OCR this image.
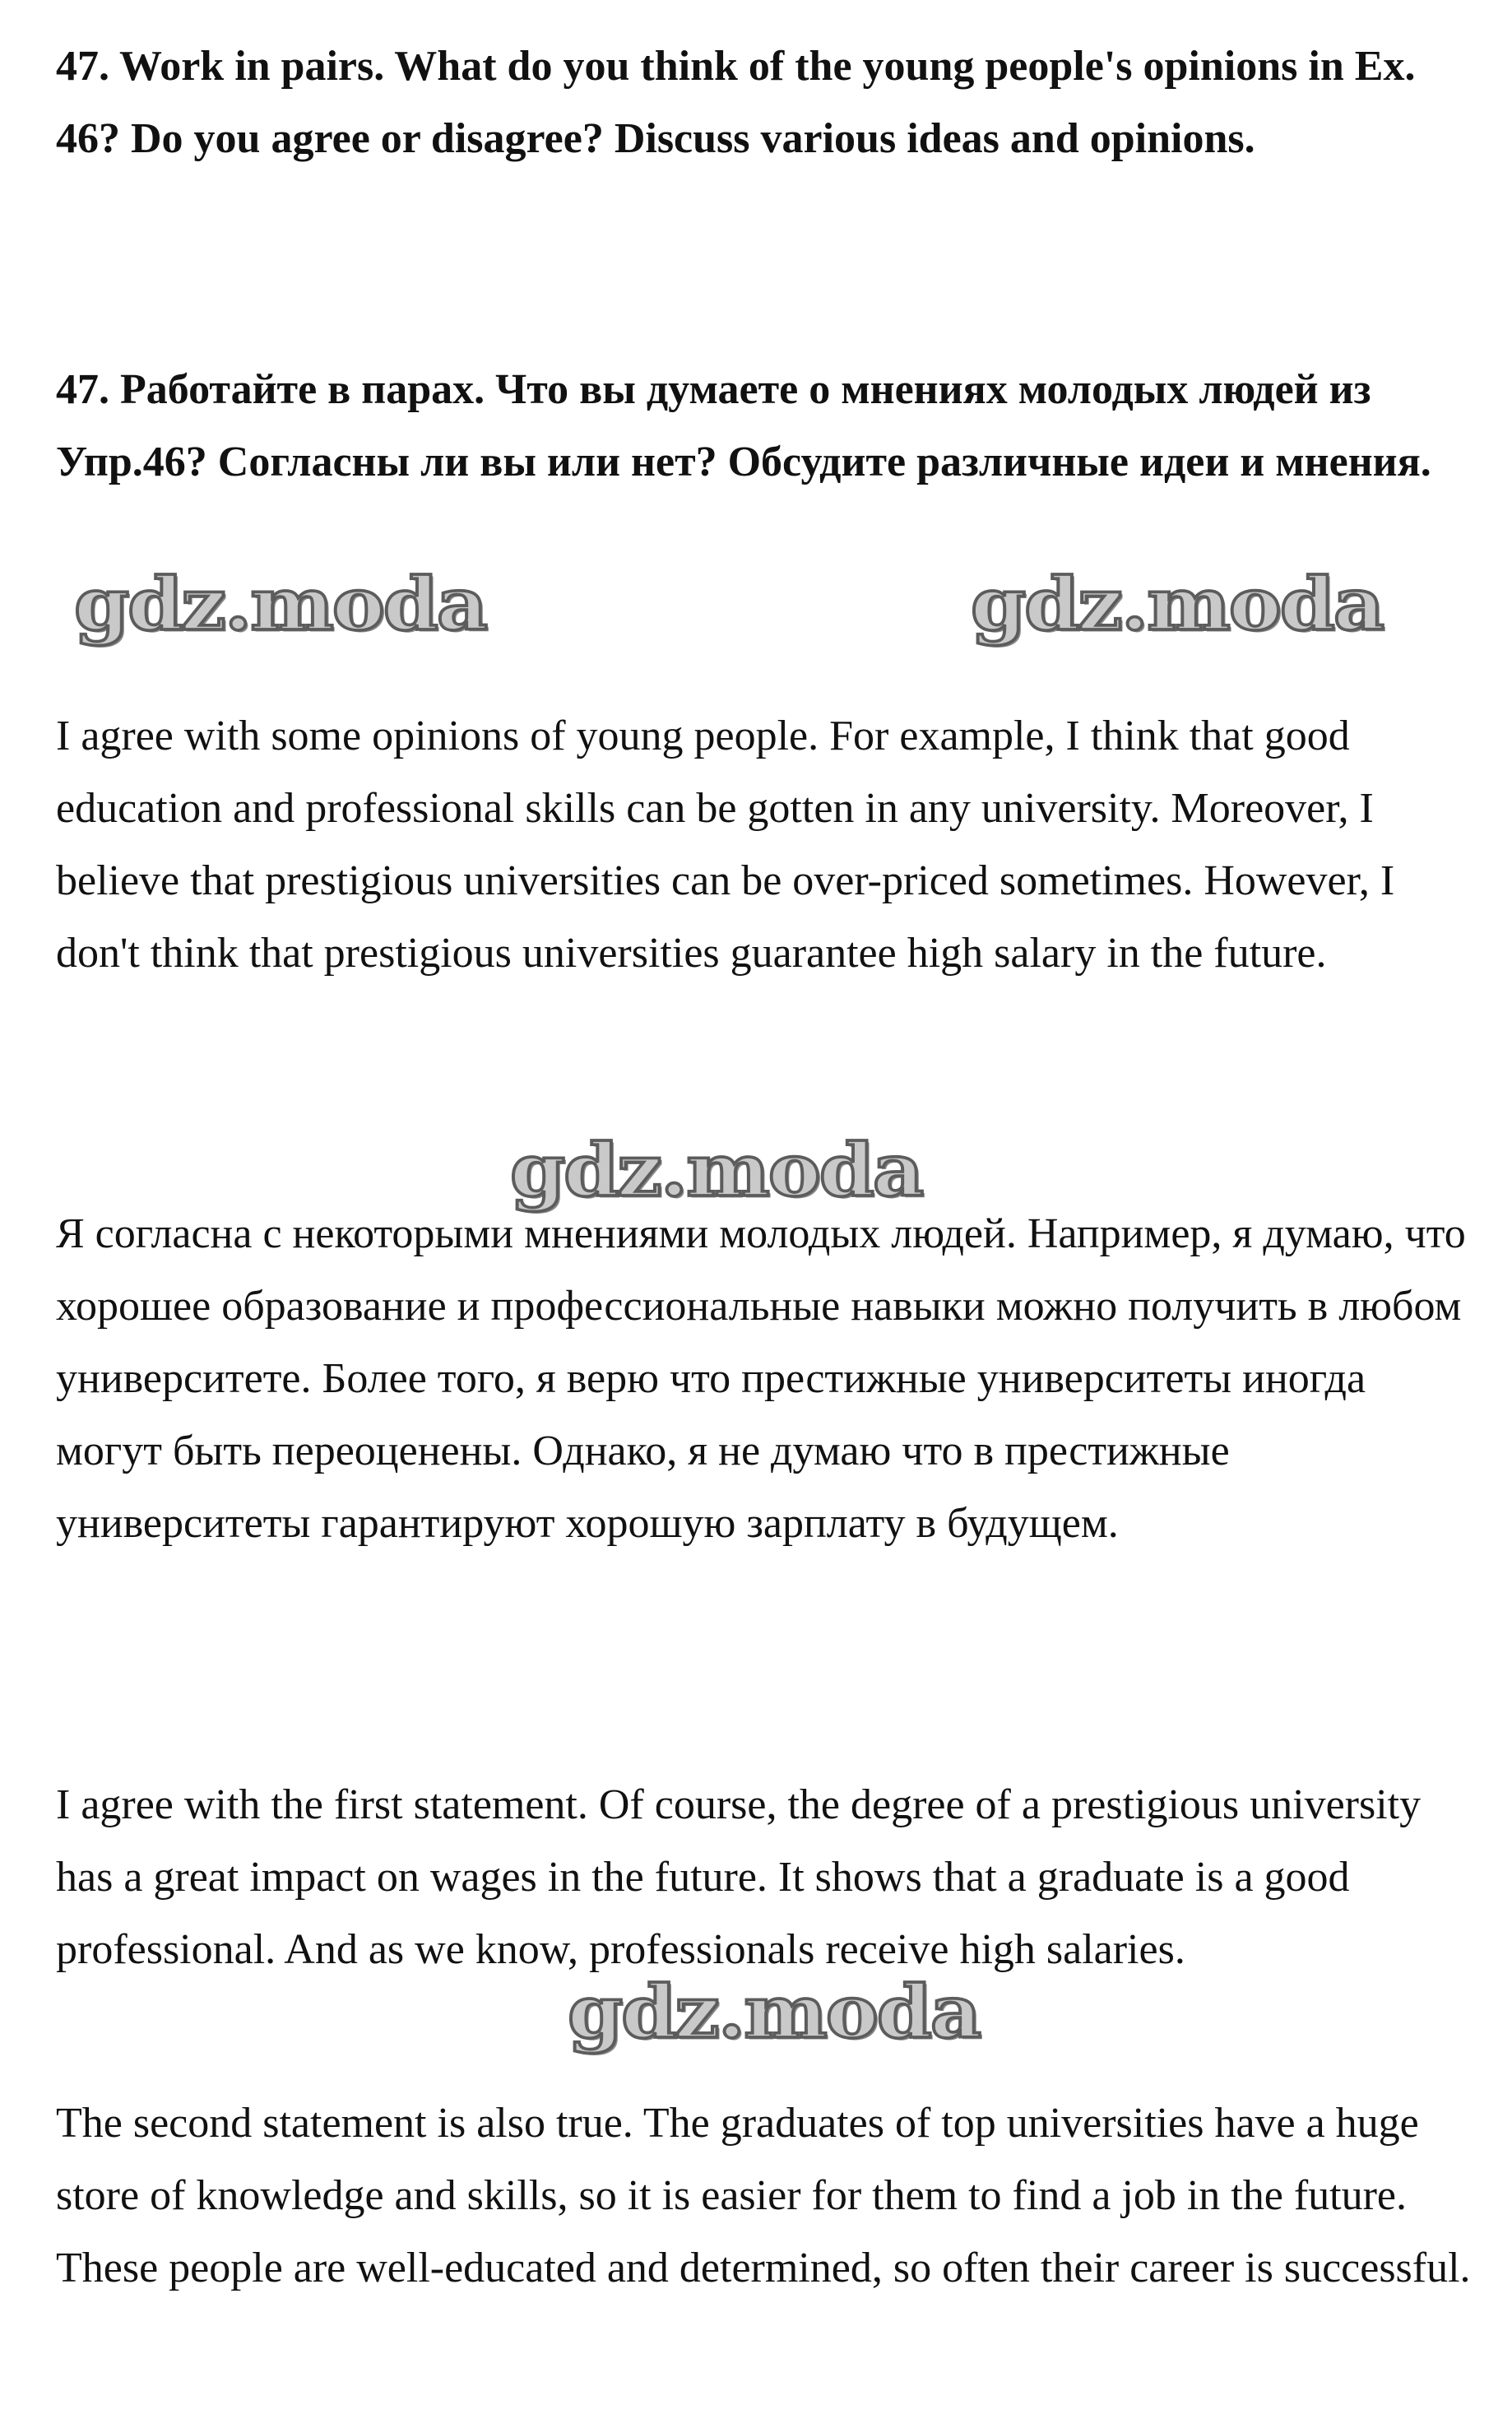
47. Work in pairs. What do you think of the young people's opinions in Ex. 46? Do you agree or disagree? Discuss various ideas and opinions.

47. Работайте в парах. Что вы думаете о мнениях молодых людей из Упр.46? Согласны ли вы или нет? Обсудите различные идеи и мнения.

gdz.moda	gdz.moda

I agree with some opinions of young people. For example, I think that good education and professional skills can be gotten in any university. Moreover, I believe that prestigious universities can be over-priced sometimes. However, I don't think that prestigious universities guarantee high salary in the future.

gdz.moda

Я согласна с некоторыми мнениями молодых людей. Например, я думаю, что хорошее образование и профессиональные навыки можно получить в любом университете. Более того, я верю что престижные университеты иногда могут быть переоценены. Однако, я не думаю что в престижные университеты гарантируют хорошую зарплату в будущем.

I agree with the first statement. Of course, the degree of a prestigious university has a great impact on wages in the future. It shows that a graduate is a good professional. And as we know, professionals receive high salaries.

gdz.moda

The second statement is also true. The graduates of top universities have a huge store of knowledge and skills, so it is easier for them to find a job in the future. These people are well-educated and determined, so often their career is successful.
